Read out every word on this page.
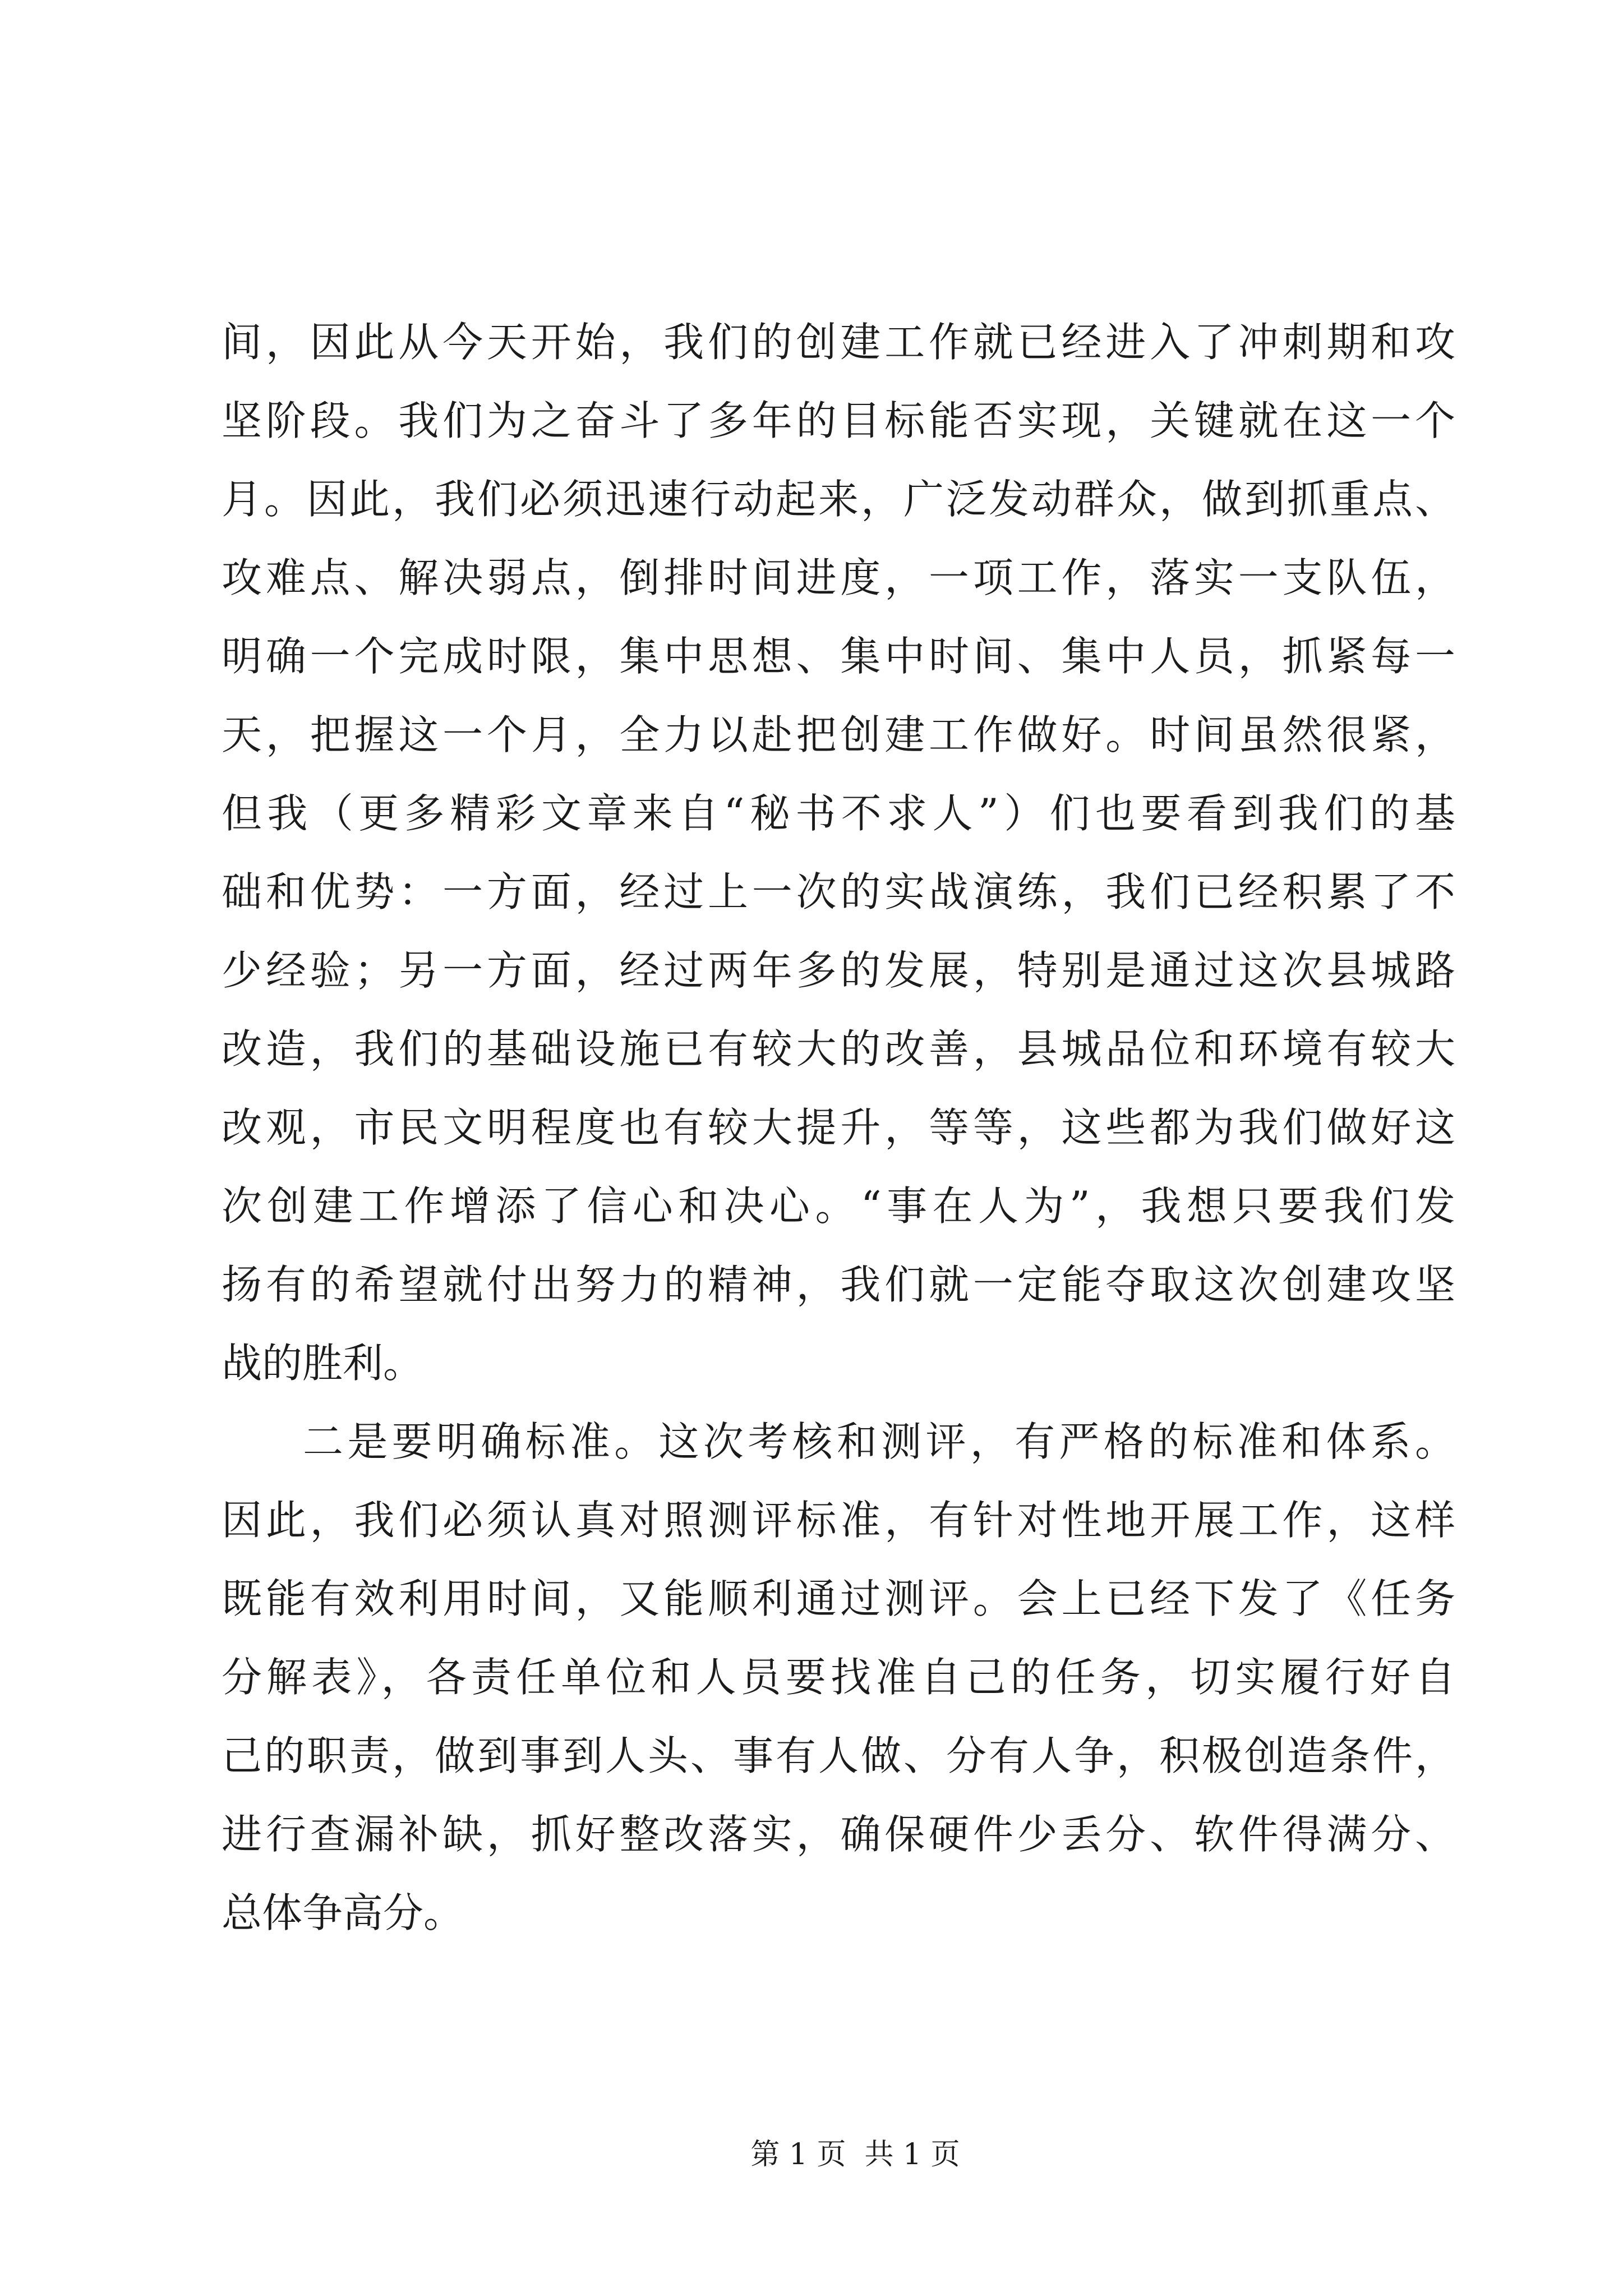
间，因此从今天开始，我们的创建工作就已经进入了冲刺期和攻
坚阶段。我们为之奋斗了多年的目标能否实现，关键就在这一个
月。因此，我们必须迅速行动起来，广泛发动群众，做到抓重点、
攻难点、解决弱点，倒排时间进度，一项工作，落实一支队伍，
明确一个完成时限，集中思想、集中时间、集中人员，抓紧每一
天，把握这一个月，全力以赴把创建工作做好。时间虽然很紧，
但我（更多精彩文章来自“秘书不求人”）们也要看到我们的基
础和优势：一方面，经过上一次的实战演练，我们已经积累了不
少经验；另一方面，经过两年多的发展，特别是通过这次县城路
改造，我们的基础设施已有较大的改善，县城品位和环境有较大
改观，市民文明程度也有较大提升，等等，这些都为我们做好这
次创建工作增添了信心和决心。“事在人为”，我想只要我们发
扬有的希望就付出努力的精神，我们就一定能夺取这次创建攻坚
战的胜利。
二是要明确标准。这次考核和测评，有严格的标准和体系。
因此，我们必须认真对照测评标准，有针对性地开展工作，这样
既能有效利用时间，又能顺利通过测评。会上已经下发了《任务
分解表》，各责任单位和人员要找准自己的任务，切实履行好自
己的职责，做到事到人头、事有人做、分有人争，积极创造条件，
进行查漏补缺，抓好整改落实，确保硬件少丢分、软件得满分、
总体争高分。
第 1 页  共 1 页
